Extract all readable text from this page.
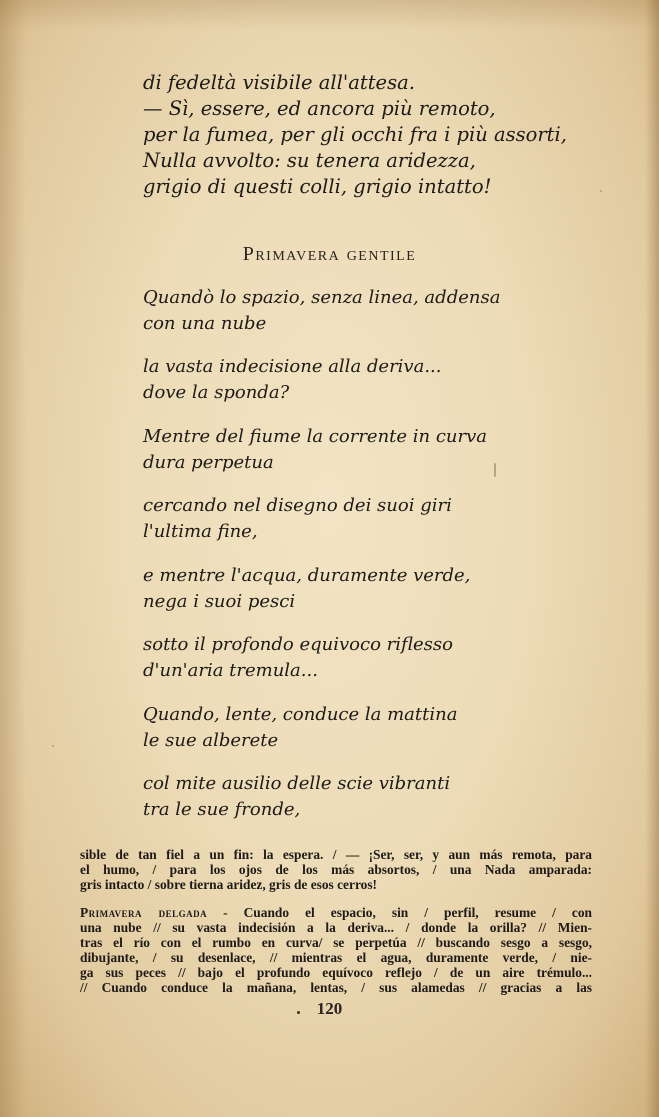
di fedeltà visibile all'attesa.
— Sì, essere, ed ancora più remoto,
per la fumea, per gli occhi fra i più assorti,
Nulla avvolto: su tenera aridezza,
grigio di questi colli, grigio intatto!
Primavera gentile
Quandò lo spazio, senza linea, addensa
con una nube
la vasta indecisione alla deriva...
dove la sponda?
Mentre del fiume la corrente in curva
dura perpetua
cercando nel disegno dei suoi giri
l'ultima fine,
e mentre l'acqua, duramente verde,
nega i suoi pesci
sotto il profondo equivoco riflesso
d'un'aria tremula...
Quando, lente, conduce la mattina
le sue alberete
col mite ausilio delle scie vibranti
tra le sue fronde,
sible de tan fiel a un fin: la espera. / — ¡Ser, ser, y aun más remota, para
el humo, / para los ojos de los más absortos, / una Nada amparada:
gris intacto / sobre tierna aridez, gris de esos cerros!
Primavera delgada - Cuando el espacio, sin / perfil, resume / con
una nube // su vasta indecisión a la deriva... / donde la orilla? // Mien-
tras el río con el rumbo en curva/ se perpetúa // buscando sesgo a sesgo,
dibujante, / su desenlace, // mientras el agua, duramente verde, / nie-
ga sus peces // bajo el profundo equívoco reflejo / de un aire trémulo...
// Cuando conduce la mañana, lentas, / sus alamedas // gracias a las
120
